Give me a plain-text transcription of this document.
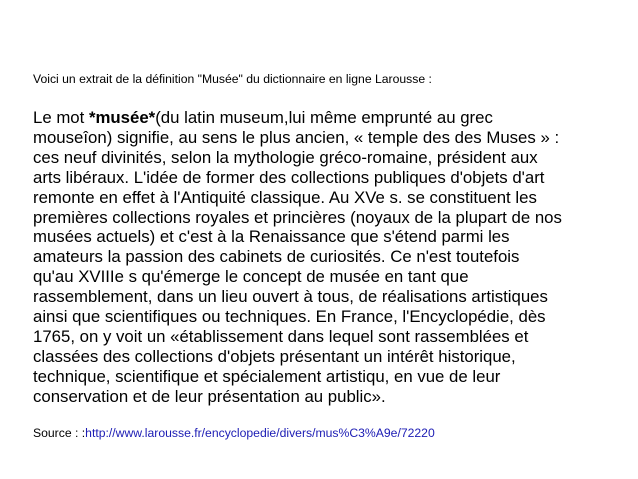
Voici un extrait de la définition "Musée" du dictionnaire en ligne Larousse :
Le mot *musée*(du latin museum,lui même emprunté au grec
mouseîon) signifie, au sens le plus ancien, « temple des des Muses » :
ces neuf divinités, selon la mythologie gréco-romaine, président aux
arts libéraux. L'idée de former des collections publiques d'objets d'art
remonte en effet à l'Antiquité classique. Au XVe s. se constituent les
premières collections royales et princières (noyaux de la plupart de nos
musées actuels) et c'est à la Renaissance que s'étend parmi les
amateurs la passion des cabinets de curiosités. Ce n'est toutefois
qu'au XVIIIe s qu'émerge le concept de musée en tant que
rassemblement, dans un lieu ouvert à tous, de réalisations artistiques
ainsi que scientifiques ou techniques. En France, l'Encyclopédie, dès
1765, on y voit un «établissement dans lequel sont rassemblées et
classées des collections d'objets présentant un intérêt historique,
technique, scientifique et spécialement artistiqu, en vue de leur
conservation et de leur présentation au public».
Source : :http://www.larousse.fr/encyclopedie/divers/mus%C3%A9e/72220
